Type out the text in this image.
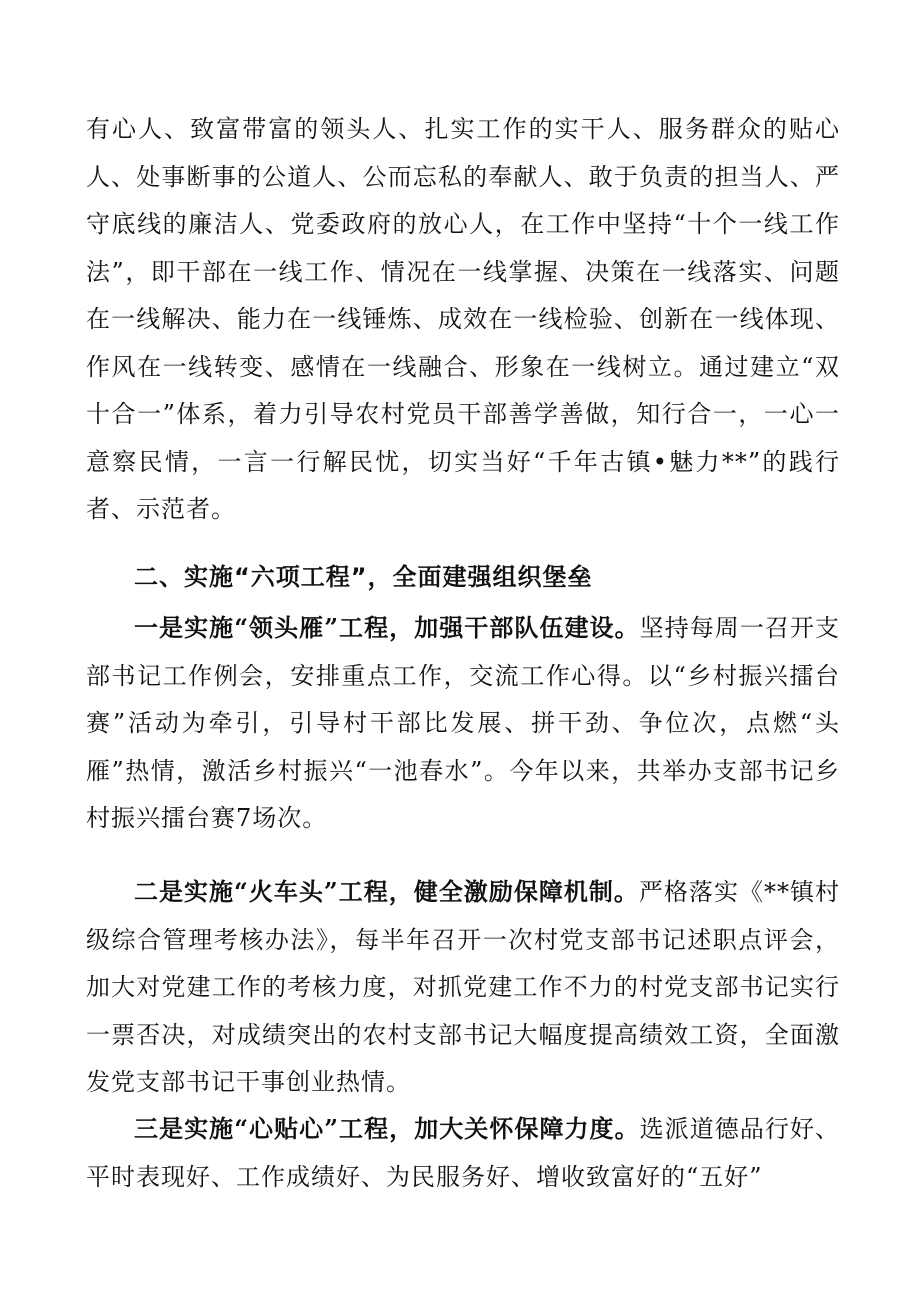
有心人、致富带富的领头人、扎实工作的实干人、服务群众的贴心人、处事断事的公道人、公而忘私的奉献人、敢于负责的担当人、严守底线的廉洁人、党委政府的放心人，在工作中坚持“十个一线工作法”，即干部在一线工作、情况在一线掌握、决策在一线落实、问题在一线解决、能力在一线锤炼、成效在一线检验、创新在一线体现、作风在一线转变、感情在一线融合、形象在一线树立。通过建立“双十合一”体系，着力引导农村党员干部善学善做，知行合一，一心一意察民情，一言一行解民忧，切实当好“千年古镇•魅力**”的践行者、示范者。

二、实施“六项工程”，全面建强组织堡垒

一是实施“领头雁”工程，加强干部队伍建设。坚持每周一召开支部书记工作例会，安排重点工作，交流工作心得。以“乡村振兴擂台赛”活动为牵引，引导村干部比发展、拼干劲、争位次，点燃“头雁”热情，激活乡村振兴“一池春水”。今年以来，共举办支部书记乡村振兴擂台赛7场次。

二是实施“火车头”工程，健全激励保障机制。严格落实《**镇村级综合管理考核办法》，每半年召开一次村党支部书记述职点评会，加大对党建工作的考核力度，对抓党建工作不力的村党支部书记实行一票否决，对成绩突出的农村支部书记大幅度提高绩效工资，全面激发党支部书记干事创业热情。

三是实施“心贴心”工程，加大关怀保障力度。选派道德品行好、平时表现好、工作成绩好、为民服务好、增收致富好的“五好”
